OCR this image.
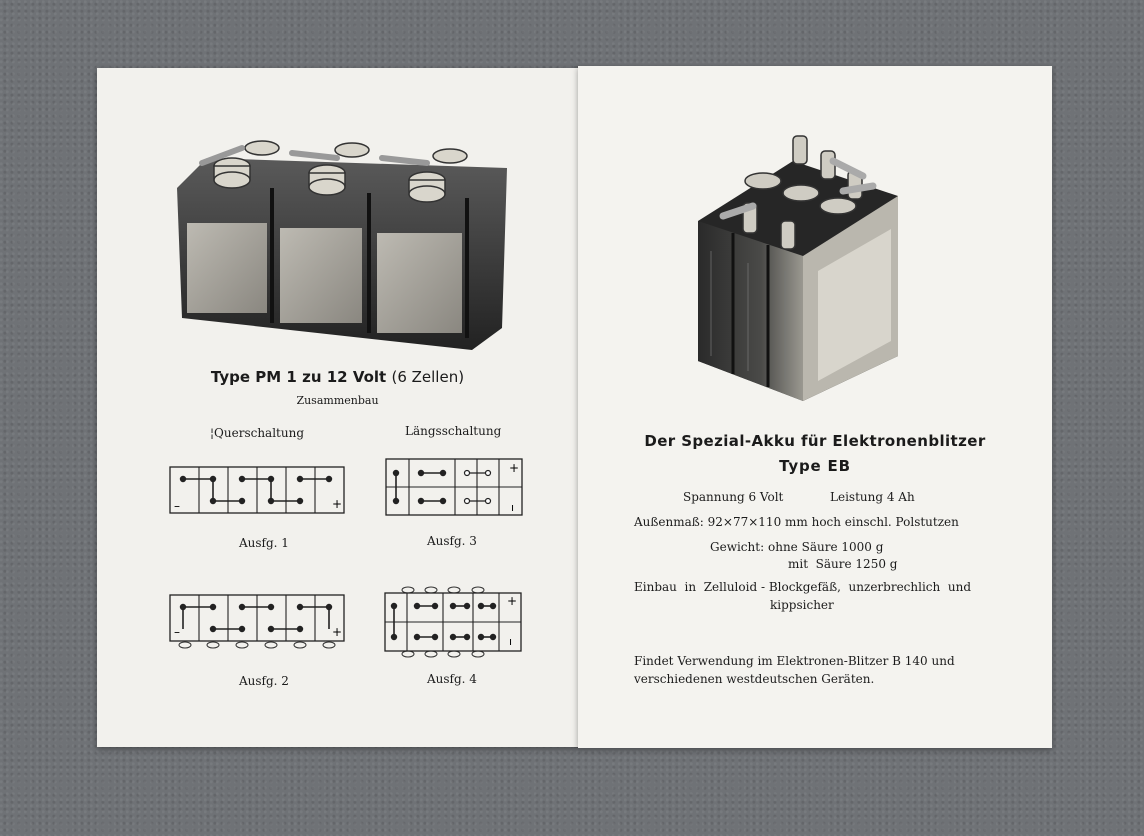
Type PM 1 zu 12 Volt (6 Zellen)
Zusammenbau
¦Querschaltung	Längsschaltung
–	+
Ausfg. 1
+
ı
Ausfg. 3
–	+
Ausfg. 2
+
ı
Ausfg. 4
Der Spezial-Akku für Elektronenblitzer
Type EB
Spannung 6 Volt	Leistung 4 Ah
Außenmaß: 92×77×110 mm hoch einschl. Polstutzen
Gewicht: ohne Säure 1000 g
mit  Säure 1250 g
Einbau  in  Zelluloid - Blockgefäß,  unzerbrechlich  und
kippsicher
Findet Verwendung im Elektronen-Blitzer B 140 und
verschiedenen westdeutschen Geräten.
